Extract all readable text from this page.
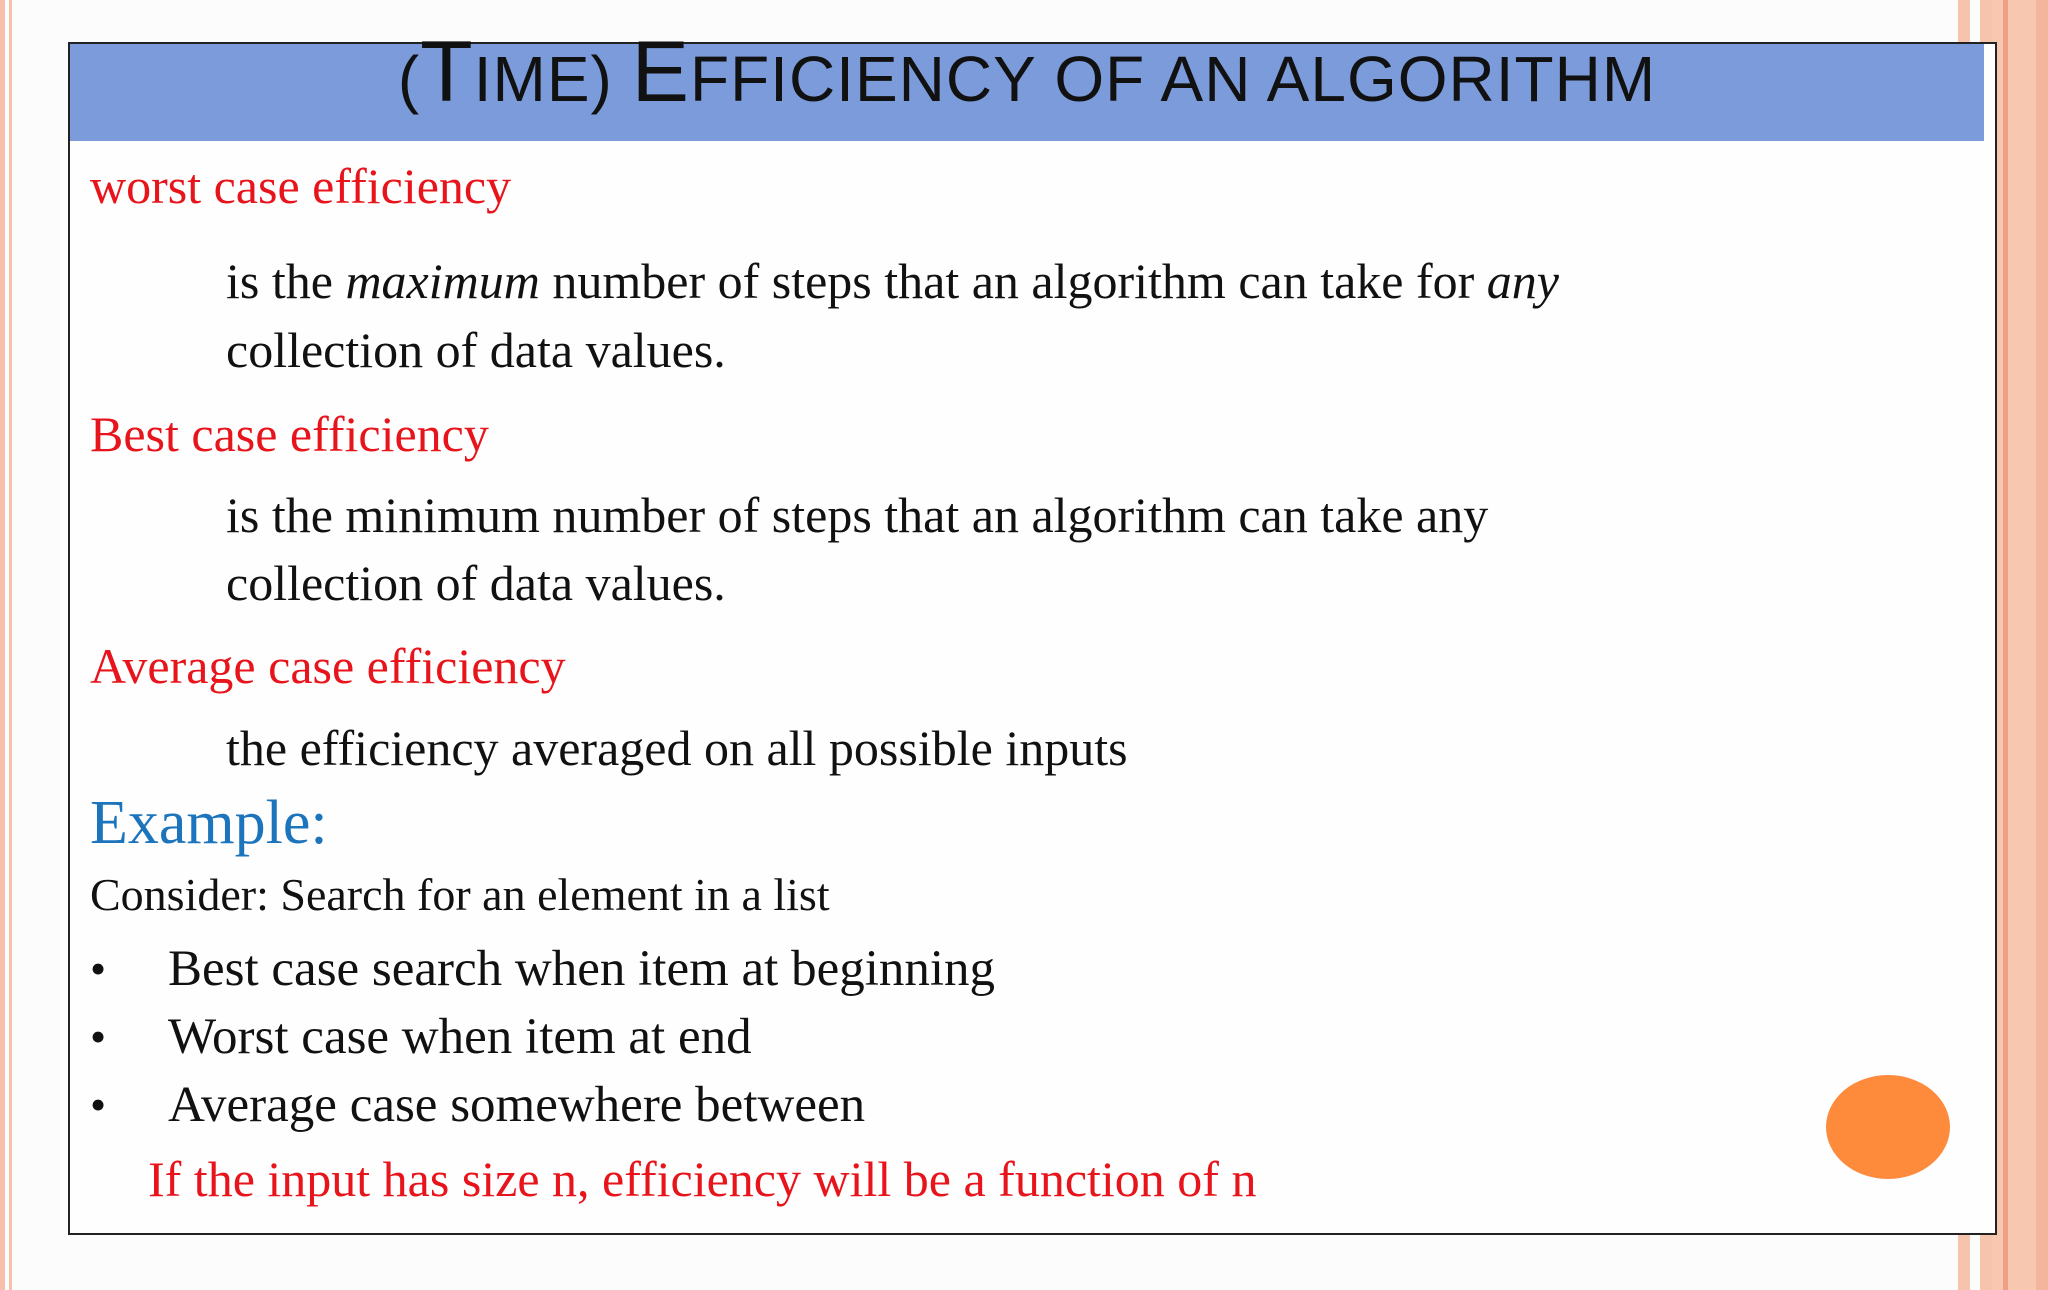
(TIME) EFFICIENCY OF AN ALGORITHM
worst case efficiency
is the maximum number of steps that an algorithm can take for any
collection of data values.
Best case efficiency
is the minimum number of steps that an algorithm can take any
collection of data values.
Average case efficiency
the efficiency averaged on all possible inputs
Example:
Consider: Search for an element in a list
• Best case search when item at beginning
• Worst case when item at end
• Average case somewhere between
If the input has size n, efficiency will be a function of n
